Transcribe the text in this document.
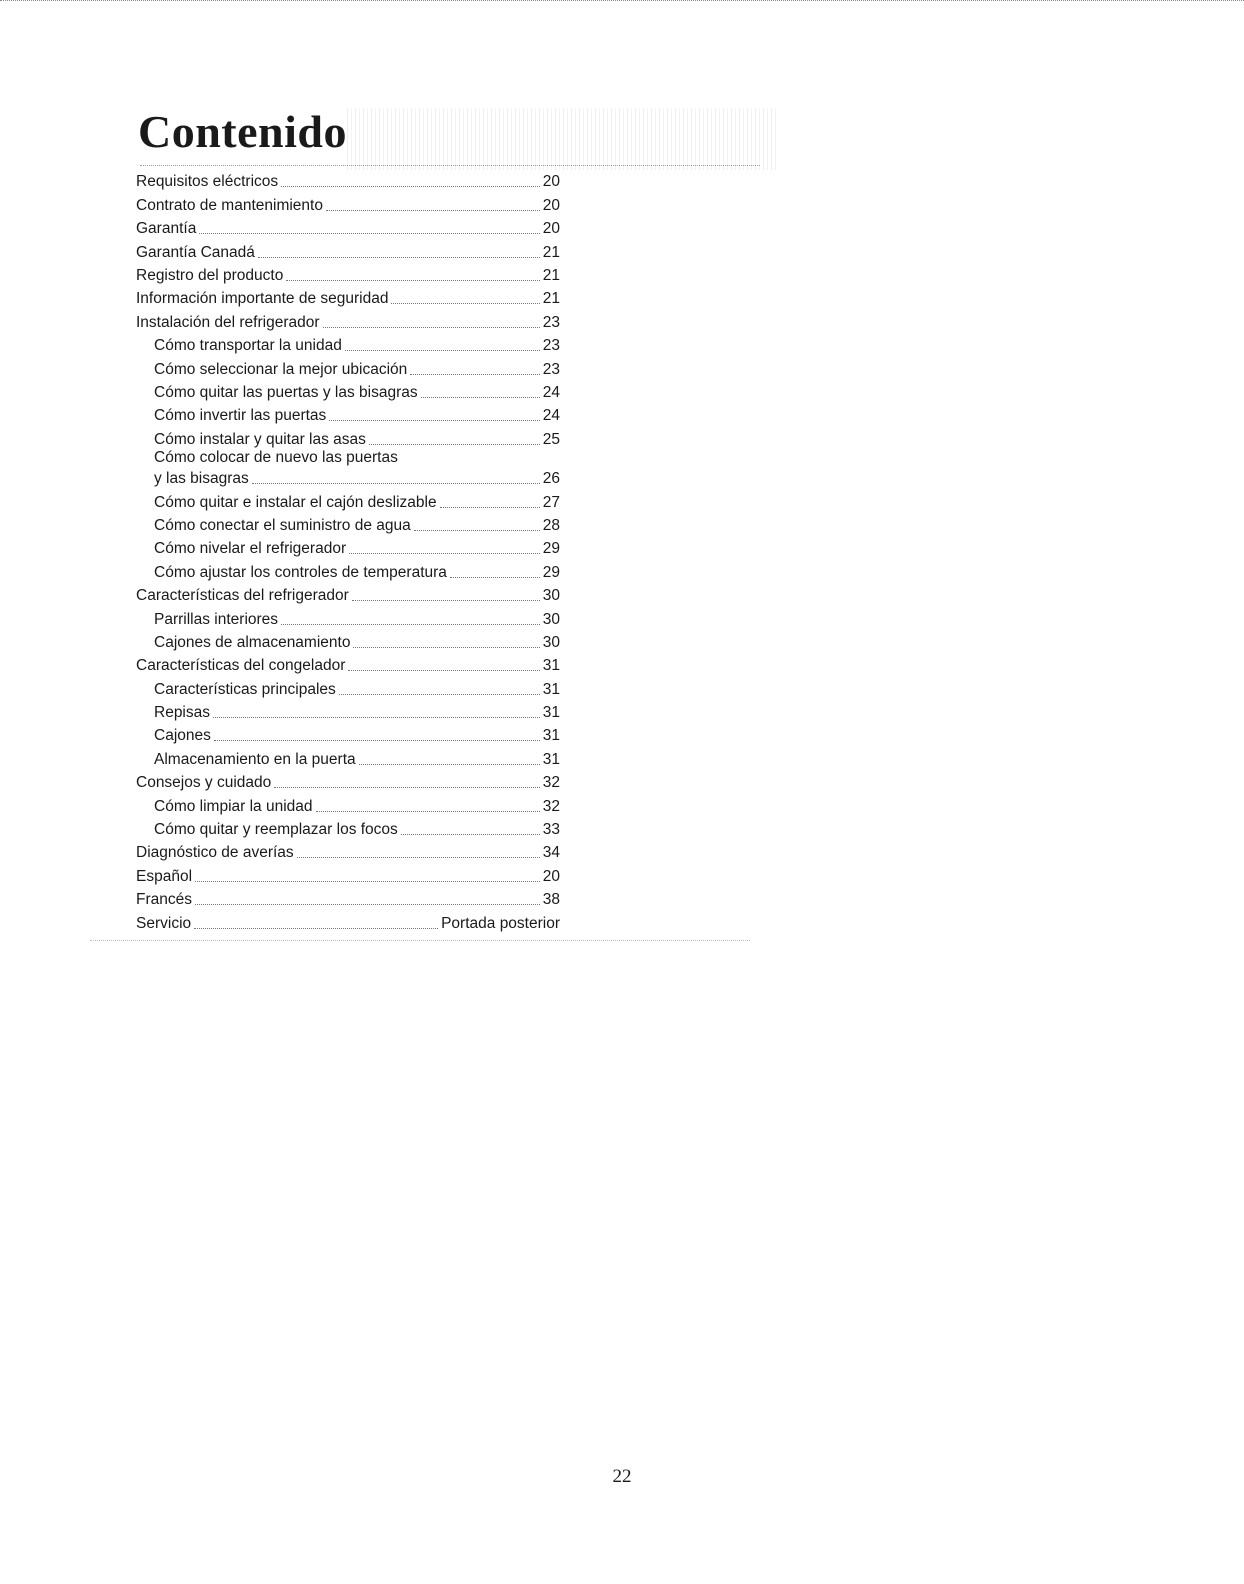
Contenido
Requisitos eléctricos	20
Contrato de mantenimiento	20
Garantía	20
Garantía Canadá	21
Registro del producto	21
Información importante de seguridad	21
Instalación del refrigerador	23
Cómo transportar la unidad	23
Cómo seleccionar la mejor ubicación	23
Cómo quitar las puertas y las bisagras	24
Cómo invertir las puertas	24
Cómo instalar y quitar las asas	25
Cómo colocar de nuevo las puertas
y las bisagras	26
Cómo quitar e instalar el cajón deslizable	27
Cómo conectar el suministro de agua	28
Cómo nivelar el refrigerador	29
Cómo ajustar los controles de temperatura	29
Características del refrigerador	30
Parrillas interiores	30
Cajones de almacenamiento	30
Características del congelador	31
Características principales	31
Repisas	31
Cajones	31
Almacenamiento en la puerta	31
Consejos y cuidado	32
Cómo limpiar la unidad	32
Cómo quitar y reemplazar los focos	33
Diagnóstico de averías	34
Español	20
Francés	38
Servicio	Portada posterior
22
